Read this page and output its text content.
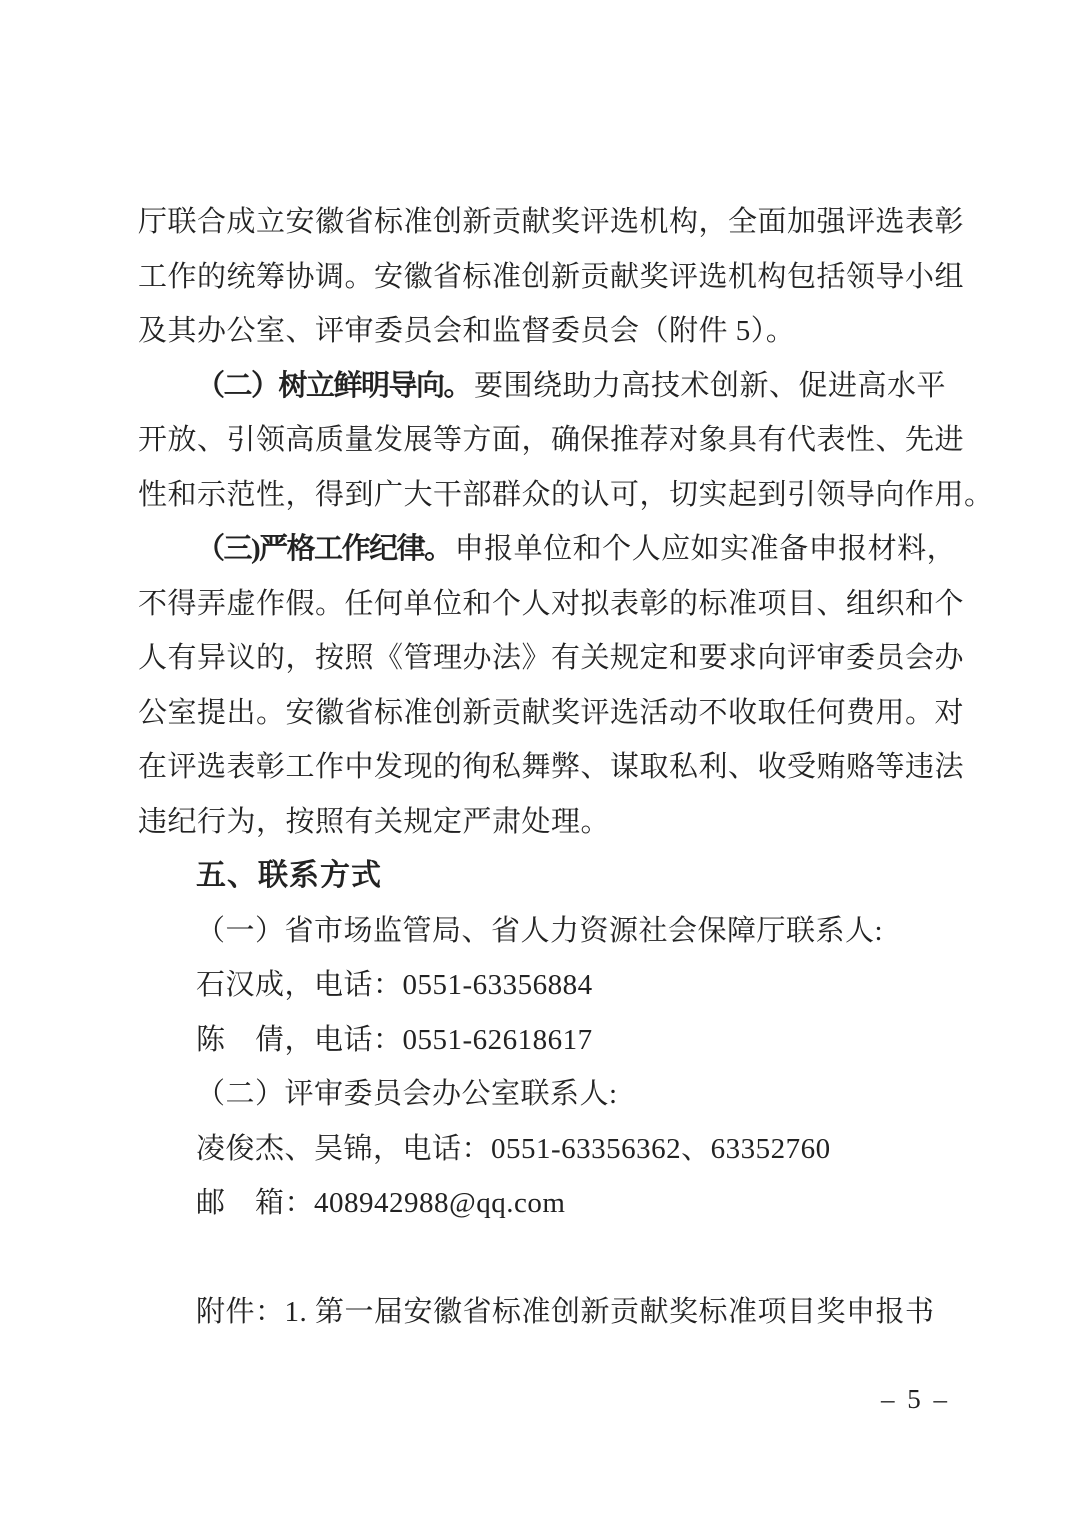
厅联合成立安徽省标准创新贡献奖评选机构，全面加强评选表彰
工作的统筹协调。安徽省标准创新贡献奖评选机构包括领导小组
及其办公室、评审委员会和监督委员会（附件 5）。
（二）树立鲜明导向。 要围绕助力高技术创新、促进高水平
开放、引领高质量发展等方面，确保推荐对象具有代表性、先进
性和示范性，得到广大干部群众的认可，切实起到引领导向作用。
（三)严格工作纪律。 申报单位和个人应如实准备申报材料，
不得弄虚作假。任何单位和个人对拟表彰的标准项目、组织和个
人有异议的，按照《管理办法》有关规定和要求向评审委员会办
公室提出。安徽省标准创新贡献奖评选活动不收取任何费用。对
在评选表彰工作中发现的徇私舞弊、谋取私利、收受贿赂等违法
违纪行为，按照有关规定严肃处理。
五、联系方式
（一）省市场监管局、省人力资源社会保障厅联系人:
石汉成，电话：0551-63356884
陈　倩，电话：0551-62618617
（二）评审委员会办公室联系人:
凌俊杰、吴锦，电话：0551-63356362、63352760
邮　箱：408942988@qq.com

附件：1. 第一届安徽省标准创新贡献奖标准项目奖申报书
– 5 –
